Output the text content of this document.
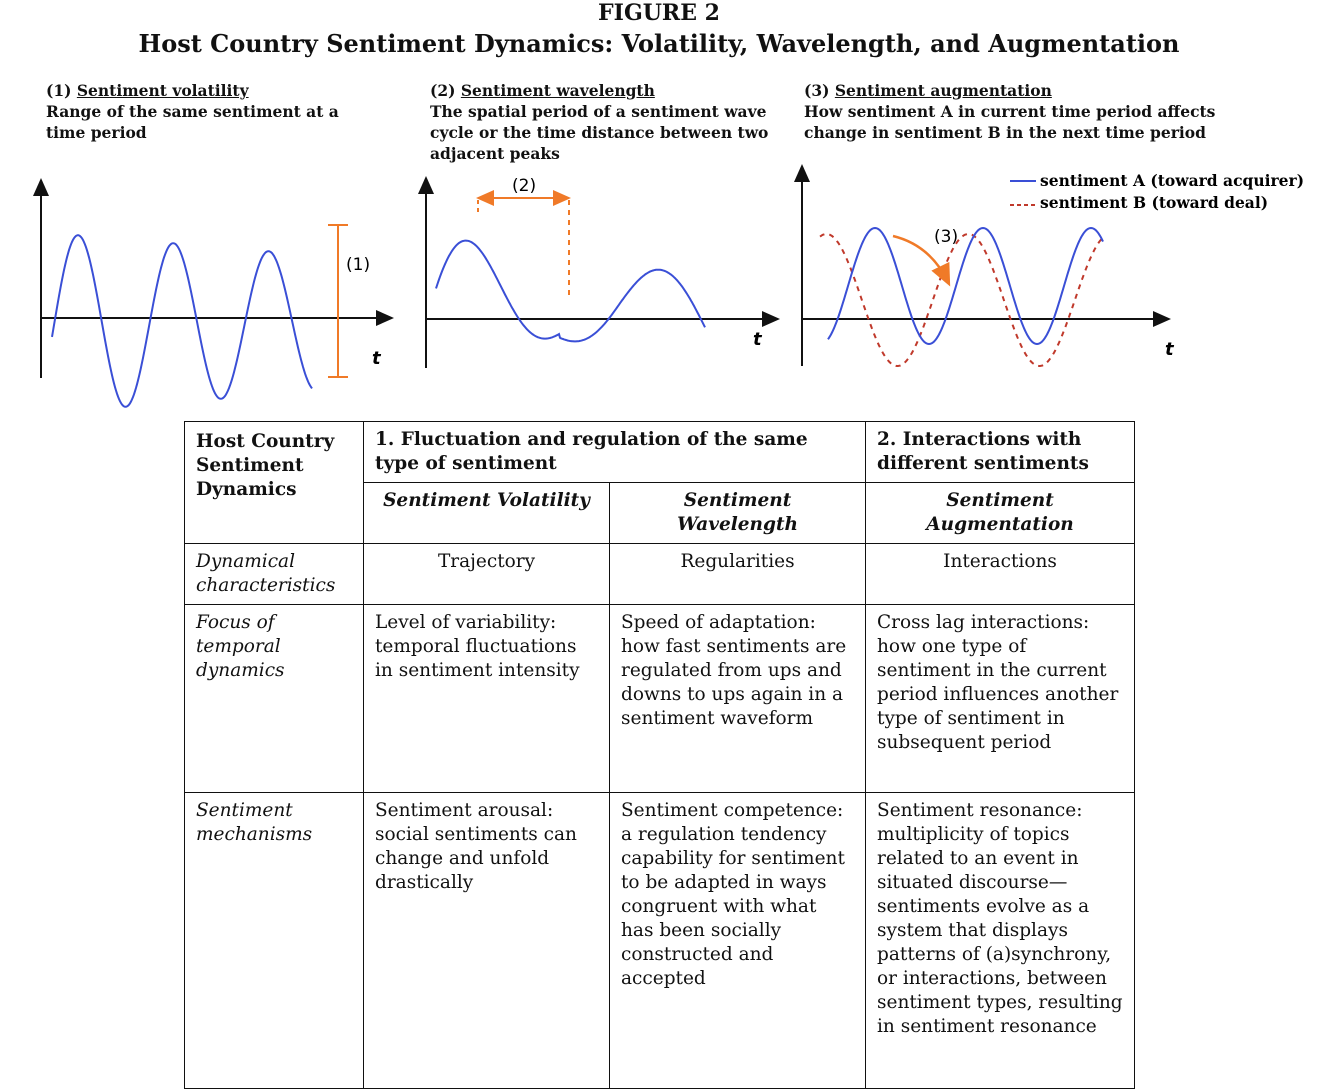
FIGURE 2
Host Country Sentiment Dynamics: Volatility, Wavelength, and Augmentation
(1) Sentiment volatility
Range of the same sentiment at a time period
(2) Sentiment wavelength
The spatial period of a sentiment wave cycle or the time distance between two adjacent peaks
(3) Sentiment augmentation
How sentiment A in current time period affects change in sentiment B in the next time period
(1)
t
(2)
t
(3)
t
sentiment A (toward acquirer)
sentiment B (toward deal)
Host Country Sentiment Dynamics	1. Fluctuation and regulation of the same type of sentiment		2. Interactions with different sentiments
	Sentiment Volatility	Sentiment Wavelength	Sentiment Augmentation
Dynamical characteristics	Trajectory	Regularities	Interactions
Focus of temporal dynamics	Level of variability: temporal fluctuations in sentiment intensity	Speed of adaptation: how fast sentiments are regulated from ups and downs to ups again in a sentiment waveform	Cross lag interactions: how one type of sentiment in the current period influences another type of sentiment in subsequent period
Sentiment mechanisms	Sentiment arousal: social sentiments can change and unfold drastically	Sentiment competence: a regulation tendency capability for sentiment to be adapted in ways congruent with what has been socially constructed and accepted	Sentiment resonance: multiplicity of topics related to an event in situated discourse—sentiments evolve as a system that displays patterns of (a)synchrony, or interactions, between sentiment types, resulting in sentiment resonance
